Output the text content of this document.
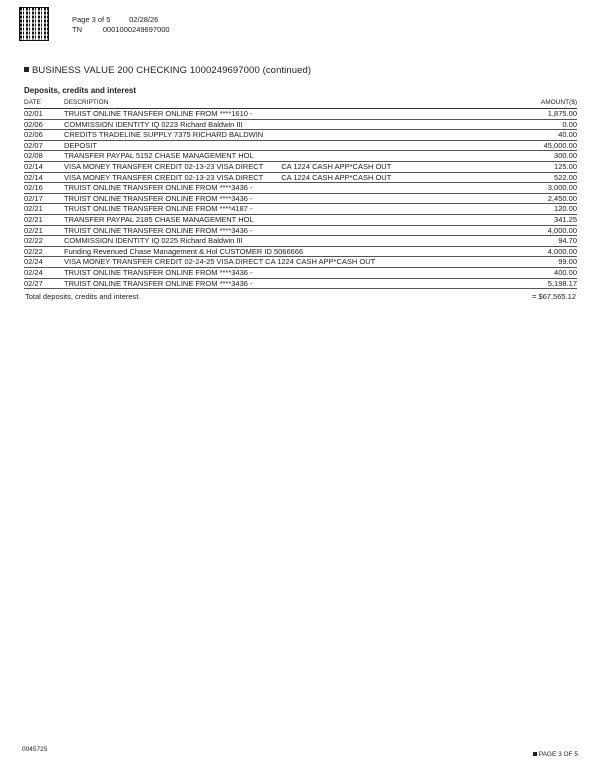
Page 3 of 5	02/28/26
TN	0001000249697000
BUSINESS VALUE 200 CHECKING 1000249697000 (continued)
Deposits, credits and interest
DATE	DESCRIPTION	AMOUNT($)
02/01	TRUIST ONLINE TRANSFER ONLINE FROM ****1610 -	1,875.00
02/06	COMMISSION IDENTITY IQ 0223 Richard Baldwin III	0.00
02/06	CREDITS TRADELINE SUPPLY 7375 RICHARD BALDWIN	40.00
02/07	DEPOSIT	45,000.00
02/08	TRANSFER PAYPAL 5152 CHASE MANAGEMENT HOL	300.00
02/14	VISA MONEY TRANSFER CREDIT 02-13-23 VISA DIRECT CA 1224 CASH APP*CASH OUT	125.00
02/14	VISA MONEY TRANSFER CREDIT 02-13-23 VISA DIRECT CA 1224 CASH APP*CASH OUT	522.00
02/16	TRUIST ONLINE TRANSFER ONLINE FROM ****3436 -	3,000.00
02/17	TRUIST ONLINE TRANSFER ONLINE FROM ****3436 -	2,450.00
02/21	TRUIST ONLINE TRANSFER ONLINE FROM ****4187 -	120.00
02/21	TRANSFER PAYPAL 2185 CHASE MANAGEMENT HOL	341.25
02/21	TRUIST ONLINE TRANSFER ONLINE FROM ****3436 -	4,000.00
02/22	COMMISSION IDENTITY IQ 0225 Richard Baldwin III	94.70
02/22	Funding Revenued Chase Management & Hol CUSTOMER ID 5066666	4,000.00
02/24	VISA MONEY TRANSFER CREDIT 02-24-25 VISA DIRECT CA 1224 CASH APP*CASH OUT	99.00
02/24	TRUIST ONLINE TRANSFER ONLINE FROM ****3436 -	400.00
02/27	TRUIST ONLINE TRANSFER ONLINE FROM ****3436 -	5,198.17
Total deposits, credits and interest		= $67,565.12
0045725
PAGE 3 OF 5
